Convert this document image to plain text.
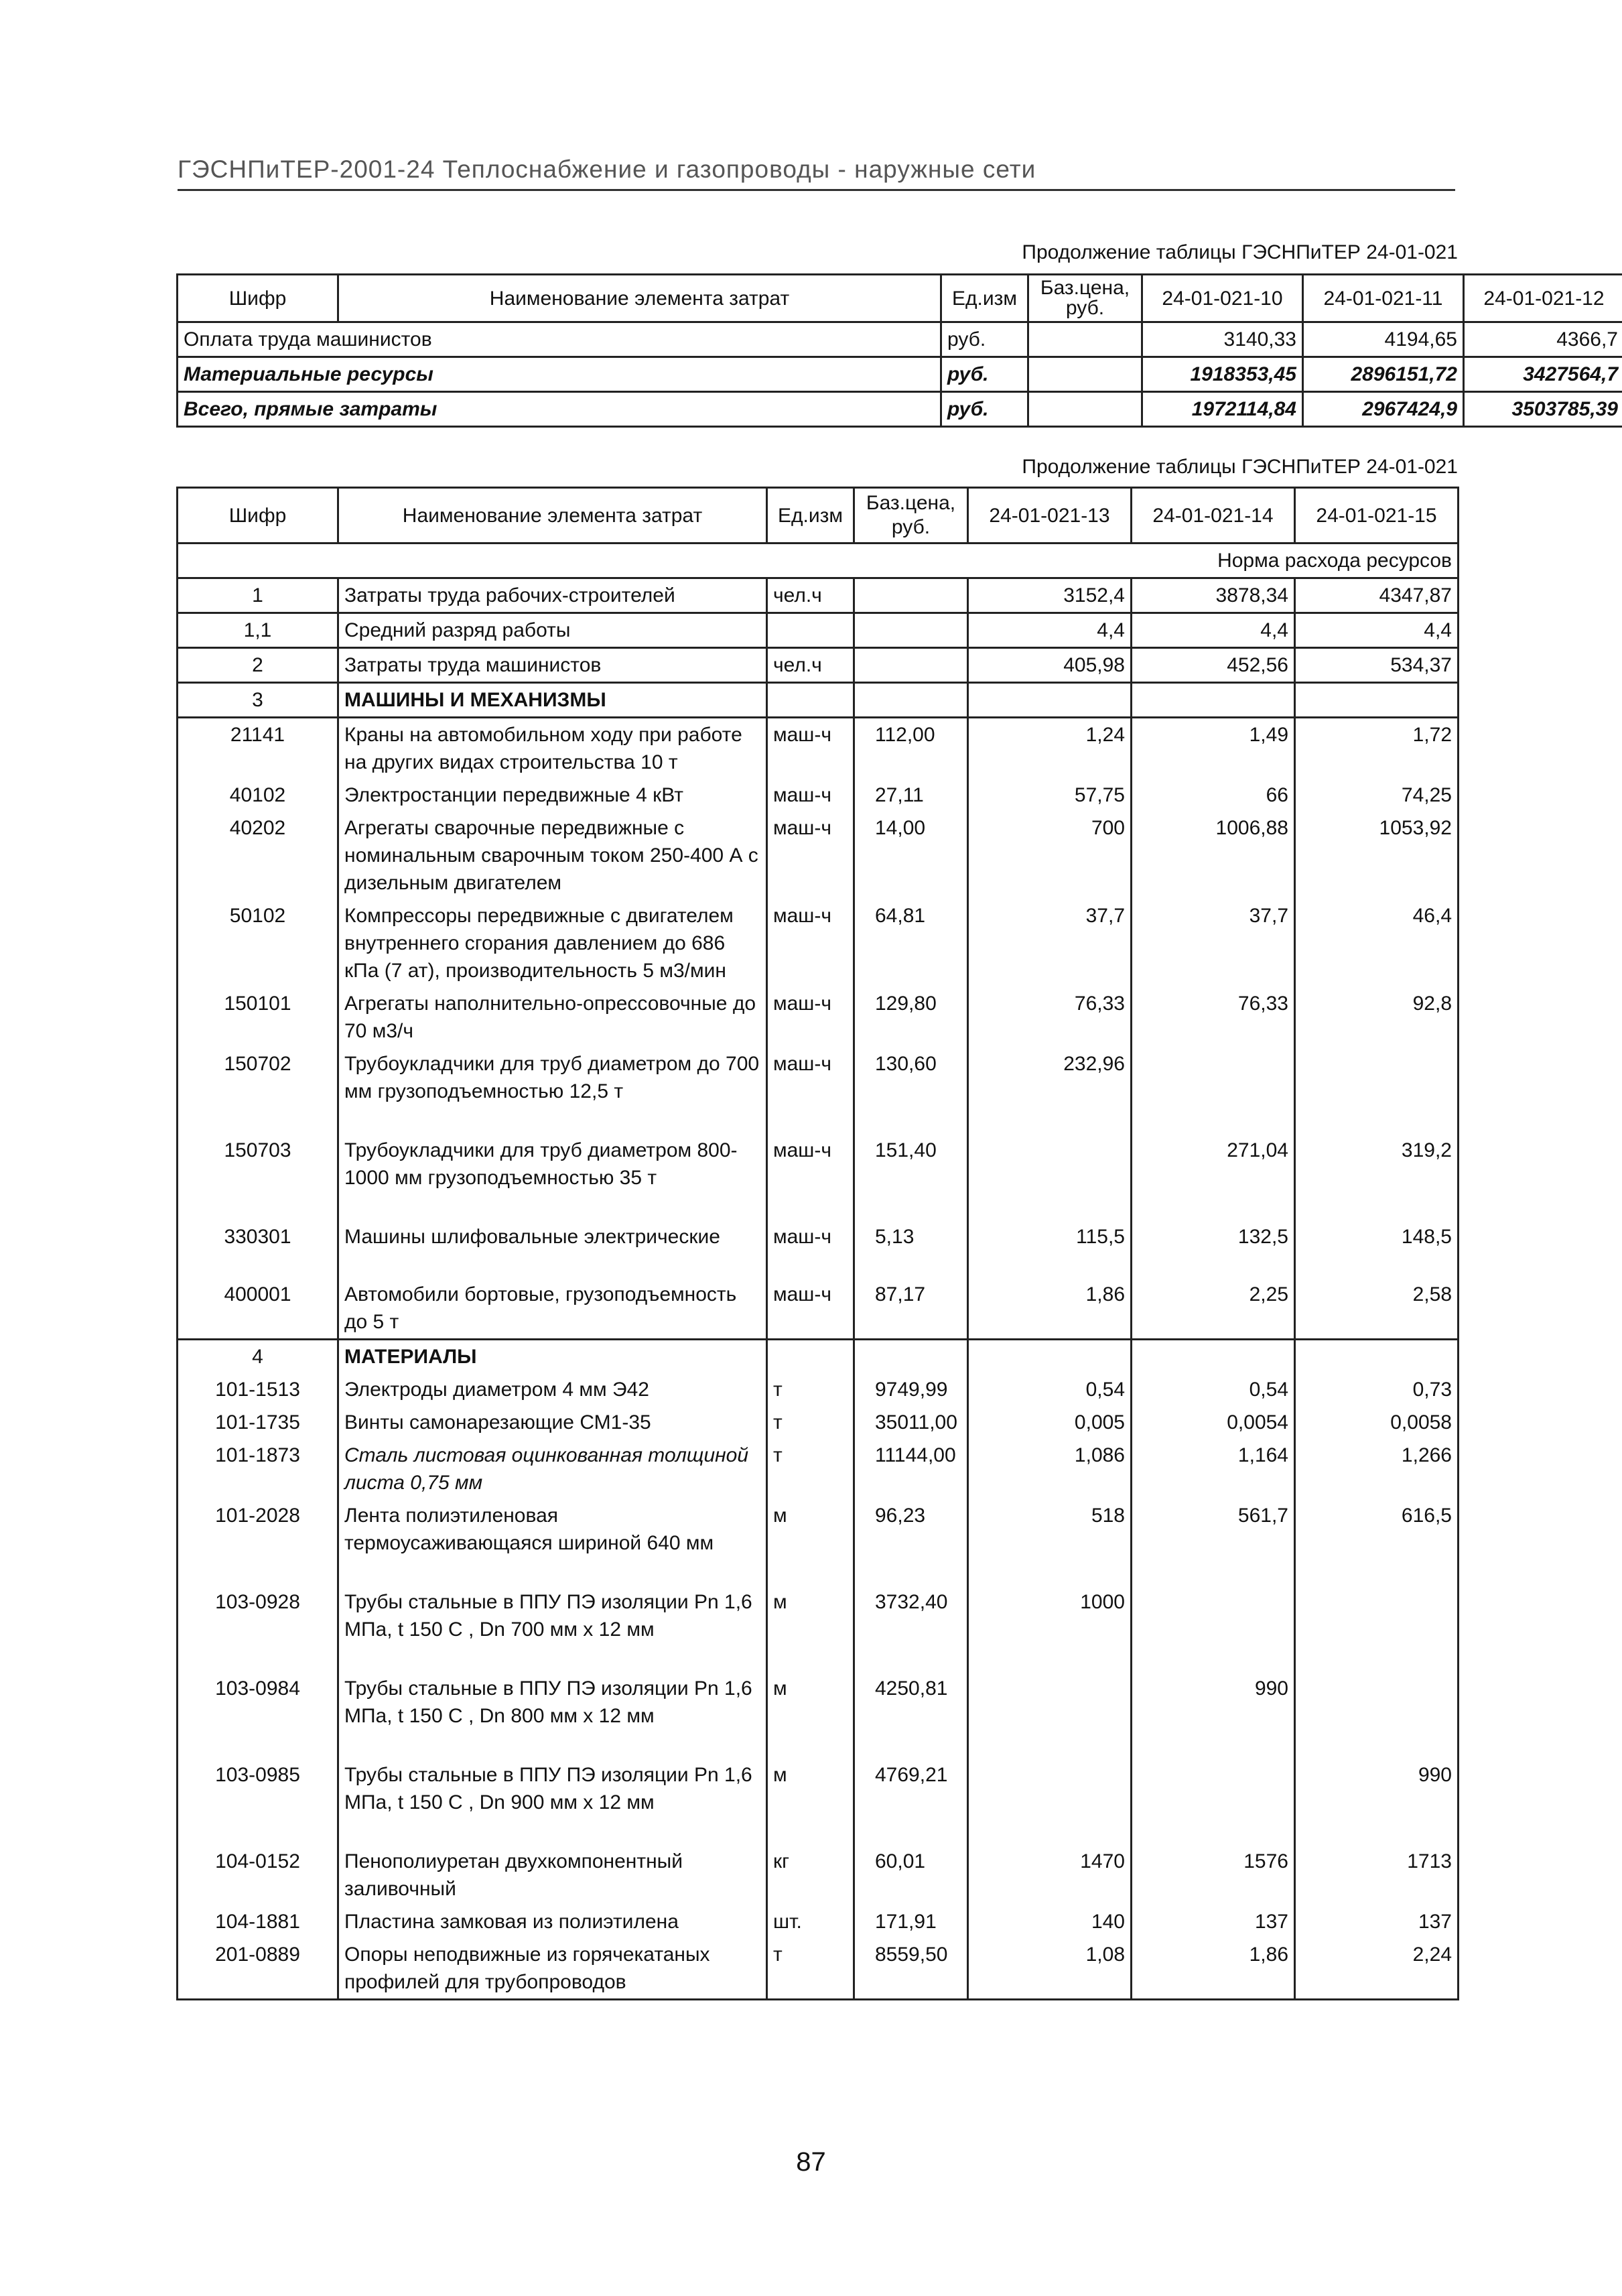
ГЭСНПиТЕР-2001-24 Теплоснабжение и газопроводы - наружные сети
Продолжение таблицы ГЭСНПиТЕР 24-01-021
Шифр	Наименование элемента затрат	Ед.изм	Баз.цена, руб.	24-01-021-10	24-01-021-11	24-01-021-12
Оплата труда машинистов		руб.		3140,33	4194,65	4366,7
Материальные ресурсы		руб.		1918353,45	2896151,72	3427564,7
Всего, прямые затраты		руб.		1972114,84	2967424,9	3503785,39
Продолжение таблицы ГЭСНПиТЕР 24-01-021
Шифр	Наименование элемента затрат	Ед.изм	Баз.цена, руб.	24-01-021-13	24-01-021-14	24-01-021-15
Норма расхода ресурсов						
1	Затраты труда рабочих-строителей	чел.ч		3152,4	3878,34	4347,87
1,1	Средний разряд работы			4,4	4,4	4,4
2	Затраты труда машинистов	чел.ч		405,98	452,56	534,37
3	МАШИНЫ И МЕХАНИЗМЫ					
21141	Краны на автомобильном ходу при работе на других видах строительства 10 т	маш-ч	112,00	1,24	1,49	1,72
40102	Электростанции передвижные 4 кВт	маш-ч	27,11	57,75	66	74,25
40202	Агрегаты сварочные передвижные с номинальным сварочным током 250-400 А с дизельным двигателем	маш-ч	14,00	700	1006,88	1053,92
50102	Компрессоры передвижные с двигателем внутреннего сгорания давлением до 686 кПа (7 ат), производительность 5 м3/мин	маш-ч	64,81	37,7	37,7	46,4
150101	Агрегаты наполнительно-опрессовочные до 70 м3/ч	маш-ч	129,80	76,33	76,33	92,8
150702	Трубоукладчики для труб диаметром до 700 мм грузоподъемностью 12,5 т	маш-ч	130,60	232,96		
150703	Трубоукладчики для труб диаметром 800-1000 мм грузоподъемностью 35 т	маш-ч	151,40		271,04	319,2
330301	Машины шлифовальные электрические	маш-ч	5,13	115,5	132,5	148,5
400001	Автомобили бортовые, грузоподъемность до 5 т	маш-ч	87,17	1,86	2,25	2,58
4	МАТЕРИАЛЫ					
101-1513	Электроды диаметром 4 мм Э42	т	9749,99	0,54	0,54	0,73
101-1735	Винты самонарезающие СМ1-35	т	35011,00	0,005	0,0054	0,0058
101-1873	Сталь листовая оцинкованная толщиной листа 0,75 мм	т	11144,00	1,086	1,164	1,266
101-2028	Лента полиэтиленовая термоусаживающаяся шириной 640 мм	м	96,23	518	561,7	616,5
103-0928	Трубы стальные в ППУ ПЭ изоляции Pn 1,6 МПа, t 150 С , Dn 700 мм х 12 мм	м	3732,40	1000		
103-0984	Трубы стальные в ППУ ПЭ изоляции Pn 1,6 МПа, t 150 С , Dn 800 мм х 12 мм	м	4250,81		990	
103-0985	Трубы стальные в ППУ ПЭ изоляции Pn 1,6 МПа, t 150 С , Dn 900 мм х 12 мм	м	4769,21			990
104-0152	Пенополиуретан двухкомпонентный заливочный	кг	60,01	1470	1576	1713
104-1881	Пластина замковая из полиэтилена	шт.	171,91	140	137	137
201-0889	Опоры неподвижные из горячекатаных профилей для трубопроводов	т	8559,50	1,08	1,86	2,24
87
